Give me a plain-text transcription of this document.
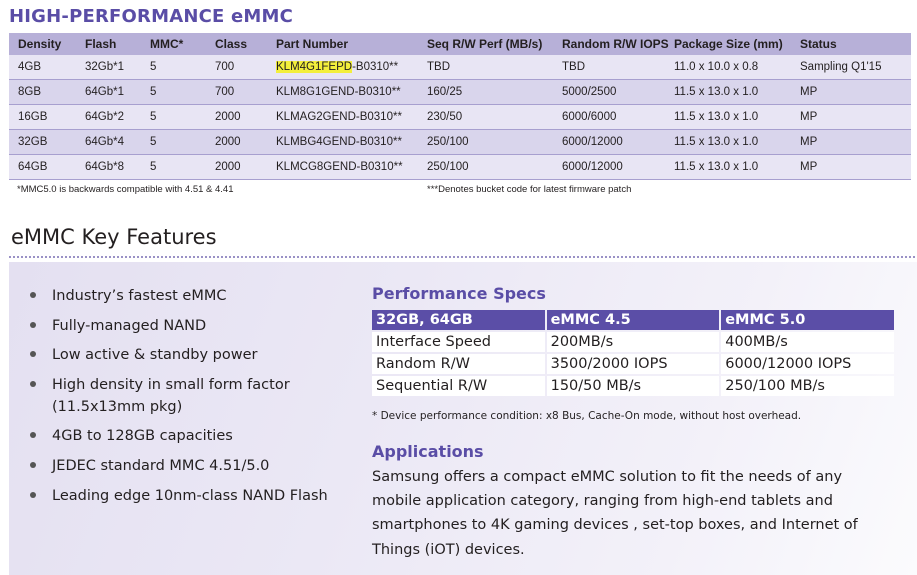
HIGH-PERFORMANCE eMMC
Density	Flash	MMC*	Class	Part Number	Seq R/W Perf (MB/s)	Random R/W IOPS	Package Size (mm)	Status
4GB	32Gb*1	5	700	KLM4G1FEPD-B0310**	TBD	TBD	11.0 x 10.0 x 0.8	Sampling Q1'15
8GB	64Gb*1	5	700	KLM8G1GEND-B0310**	160/25	5000/2500	11.5 x 13.0 x 1.0	MP
16GB	64Gb*2	5	2000	KLMAG2GEND-B0310**	230/50	6000/6000	11.5 x 13.0 x 1.0	MP
32GB	64Gb*4	5	2000	KLMBG4GEND-B0310**	250/100	6000/12000	11.5 x 13.0 x 1.0	MP
64GB	64Gb*8	5	2000	KLMCG8GEND-B0310**	250/100	6000/12000	11.5 x 13.0 x 1.0	MP
*MMC5.0 is backwards compatible with 4.51 & 4.41	***Denotes bucket code for latest firmware patch
eMMC Key Features
Industry’s fastest eMMC
Fully-managed NAND
Low active & standby power
High density in small form factor (11.5x13mm pkg)
4GB to 128GB capacities
JEDEC standard MMC 4.51/5.0
Leading edge 10nm-class NAND Flash
Performance Specs
32GB, 64GB	eMMC 4.5	eMMC 5.0
Interface Speed	200MB/s	400MB/s
Random R/W	3500/2000 IOPS	6000/12000 IOPS
Sequential R/W	150/50 MB/s	250/100 MB/s
* Device performance condition: x8 Bus, Cache-On mode, without host overhead.
Applications

Samsung offers a compact eMMC solution to fit the needs of any mobile application category, ranging from high-end tablets and smartphones to 4K gaming devices , set-top boxes, and Internet of Things (iOT) devices.
